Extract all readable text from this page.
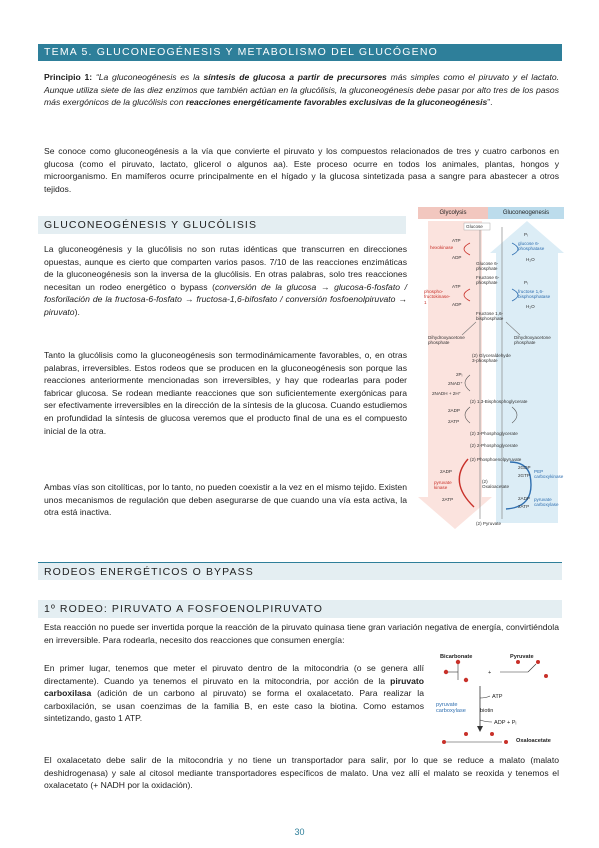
TEMA 5. GLUCONEOGÉNESIS Y METABOLISMO DEL GLUCÓGENO

Principio 1: “La gluconeogénesis es la síntesis de glucosa a partir de precursores más simples como el piruvato y el lactato. Aunque utiliza siete de las diez enzimos que también actúan en la glucólisis, la gluconeogénesis debe pasar por alto tres de los pasos más exergónicos de la glucólisis con reacciones energéticamente favorables exclusivas de la gluconeogénesis”.

Se conoce como gluconeogénesis a la vía que convierte el piruvato y los compuestos relacionados de tres y cuatro carbonos en glucosa (como el piruvato, lactato, glicerol o algunos aa). Este proceso ocurre en todos los animales, plantas, hongos y microorganismo. En mamíferos ocurre principalmente en el hígado y la glucosa sintetizada pasa a sangre para abastecer a otros tejidos.

GLUCONEOGÉNESIS Y GLUCÓLISIS

La gluconeogénesis y la glucólisis no son rutas idénticas que transcurren en direcciones opuestas, aunque es cierto que comparten varios pasos. 7/10 de las reacciones enzimáticas de la gluconeogénesis son la inversa de la glucólisis. En otras palabras, solo tres reacciones necesitan un rodeo energético o bypass (conversión de la glucosa → glucosa-6-fosfato / fosforilación de la fructosa-6-fosfato → fructosa-1,6-bifosfato / conversión fosfoenolpiruvato → piruvato).

Tanto la glucólisis como la gluconeogénesis son termodinámicamente favorables, o, en otras palabras, irreversibles. Estos rodeos que se producen en la gluconeogénesis son porque las reacciones anteriormente mencionadas son irreversibles, y hay que rodearlas para poder fabricar glucosa. Se rodean mediante reacciones que son suficientemente exergónicas para ser efectivamente irreversibles en la dirección de la síntesis de la glucosa. Cuando estudiemos en profundidad la síntesis de glucosa veremos que el producto final de una es el compuesto inicial de la otra.

Ambas vías son citolíticas, por lo tanto, no pueden coexistir a la vez en el mismo tejido. Existen unos mecanismos de regulación que deben asegurarse de que cuando una vía esta activa, la otra está inactiva.

Glycolysis	Gluconeogenesis
Glucose
ATP
ADP
hexokinase
glucose 6-phosphatase
Pᵢ
H₂O
Glucose 6-phosphate
Fructose 6-phosphate
ATP
ADP
phospho-fructokinase-1
fructose 1,6-bisphosphatase
Pᵢ
H₂O
Fructose 1,6-bisphosphate
Dihydroxyacetone phosphate
Dihydroxyacetone phosphate
(2) Glyceraldehyde 3-phosphate
2Pᵢ
2NAD⁺
2NADH + 2H⁺
(2) 1,3-Bisphosphoglycerate
2ADP
2ATP
(2) 3-Phosphoglycerate
(2) 2-Phosphoglycerate
(2) Phosphoenolpyruvate
2ADP
2ATP
pyruvate kinase
2GDP
2GTP
2ADP
2ATP
PEP carboxykinase
pyruvate carboxylase
(2) Oxaloacetate
(2) Pyruvate
RODEOS ENERGÉTICOS O BYPASS
1º RODEO: PIRUVATO A FOSFOENOLPIRUVATO

Esta reacción no puede ser invertida porque la reacción de la piruvato quinasa tiene gran variación negativa de energía, convirtiéndola en irreversible. Para rodearla, necesito dos reacciones que consumen energía:

En primer lugar, tenemos que meter el piruvato dentro de la mitocondria (o se genera allí directamente). Cuando ya tenemos el piruvato en la mitocondria, por acción de la piruvato carboxilasa (adición de un carbono al piruvato) se forma el oxalacetato. Para realizar la carboxilación, se usan coenzimas de la familia B, en este caso la biotina. Como estamos sintetizando, gasto 1 ATP.

Bicarbonate	Pyruvate
+
pyruvate carboxylase
ATP
biotin
ADP + Pᵢ
Oxaloacetate

El oxalacetato debe salir de la mitocondria y no tiene un transportador para salir, por lo que se reduce a malato (malato deshidrogenasa) y sale al citosol mediante transportadores específicos de malato. Una vez allí el malato se reoxida y tenemos el oxalacetato (+ NADH por la oxidación).

30
